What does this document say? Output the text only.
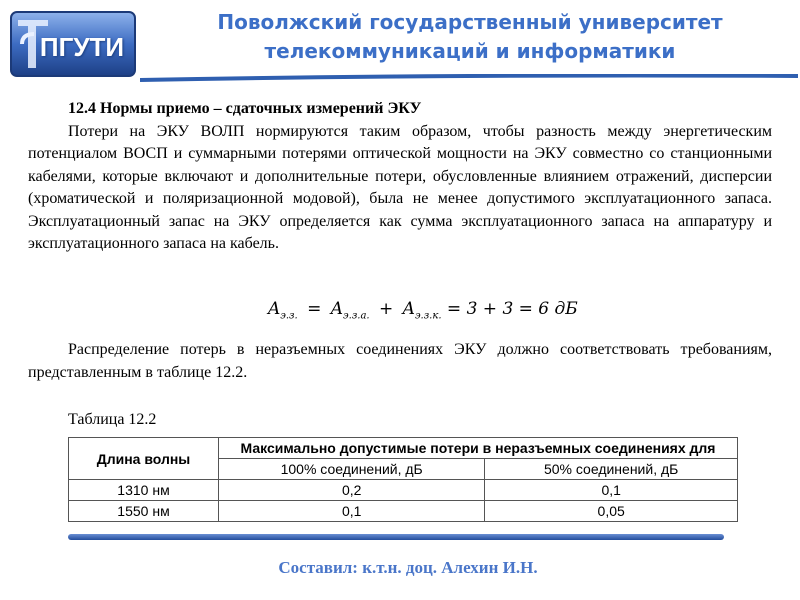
ПГУТИ
Поволжский государственный университет
телекоммуникаций и информатики
12.4 Нормы приемо – сдаточных измерений ЭКУ
Потери на ЭКУ ВОЛП нормируются таким образом, чтобы разность между энергетическим потенциалом ВОСП и суммарными потерями оптической мощности на ЭКУ совместно со станционными кабелями, которые включают и дополнительные потери, обусловленные влиянием отражений, дисперсии (хроматической и поляризационной модовой), была не менее допустимого эксплуатационного запаса. Эксплуатационный запас на ЭКУ определяется как сумма эксплуатационного запаса на аппаратуру и эксплуатационного запаса на кабель.
$A_{э.з.} = A_{э.з.а.} + A_{э.з.к.} = 3 + 3 = 6$ дБ
Распределение потерь в неразъемных соединениях ЭКУ должно соответствовать требованиям, представленным в таблице 12.2.
Таблица 12.2
Длина волны	Максимально допустимые потери в неразъемных соединениях для	
	100% соединений, дБ	50% соединений, дБ
1310 нм	0,2	0,1
1550 нм	0,1	0,05
Составил: к.т.н. доц. Алехин И.Н.
